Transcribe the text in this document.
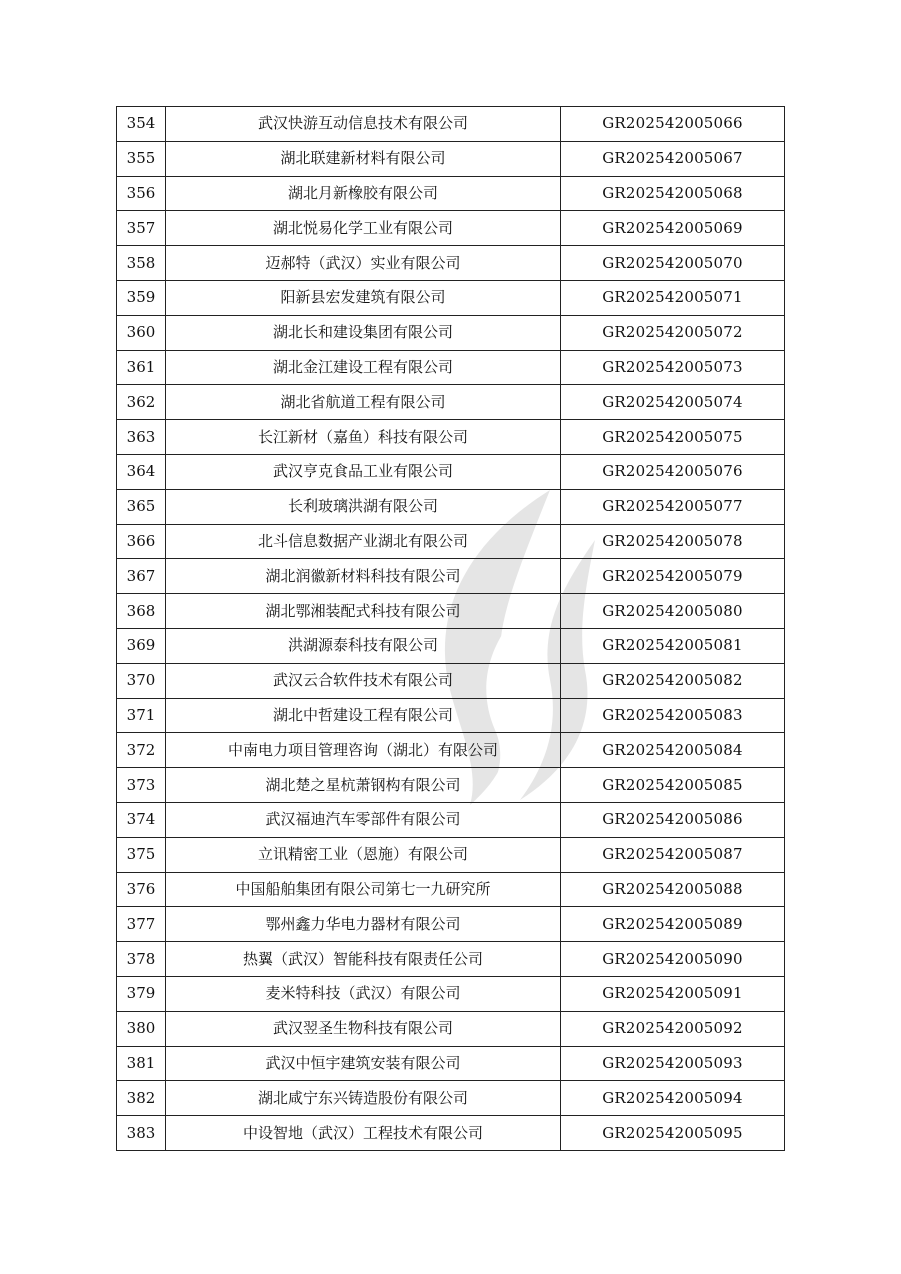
354	武汉快游互动信息技术有限公司	GR202542005066
355	湖北联建新材料有限公司	GR202542005067
356	湖北月新橡胶有限公司	GR202542005068
357	湖北悦易化学工业有限公司	GR202542005069
358	迈郝特（武汉）实业有限公司	GR202542005070
359	阳新县宏发建筑有限公司	GR202542005071
360	湖北长和建设集团有限公司	GR202542005072
361	湖北金江建设工程有限公司	GR202542005073
362	湖北省航道工程有限公司	GR202542005074
363	长江新材（嘉鱼）科技有限公司	GR202542005075
364	武汉亨克食品工业有限公司	GR202542005076
365	长利玻璃洪湖有限公司	GR202542005077
366	北斗信息数据产业湖北有限公司	GR202542005078
367	湖北润徽新材料科技有限公司	GR202542005079
368	湖北鄂湘装配式科技有限公司	GR202542005080
369	洪湖源泰科技有限公司	GR202542005081
370	武汉云合软件技术有限公司	GR202542005082
371	湖北中哲建设工程有限公司	GR202542005083
372	中南电力项目管理咨询（湖北）有限公司	GR202542005084
373	湖北楚之星杭萧钢构有限公司	GR202542005085
374	武汉福迪汽车零部件有限公司	GR202542005086
375	立讯精密工业（恩施）有限公司	GR202542005087
376	中国船舶集团有限公司第七一九研究所	GR202542005088
377	鄂州鑫力华电力器材有限公司	GR202542005089
378	热翼（武汉）智能科技有限责任公司	GR202542005090
379	麦米特科技（武汉）有限公司	GR202542005091
380	武汉翌圣生物科技有限公司	GR202542005092
381	武汉中恒宇建筑安装有限公司	GR202542005093
382	湖北咸宁东兴铸造股份有限公司	GR202542005094
383	中设智地（武汉）工程技术有限公司	GR202542005095
